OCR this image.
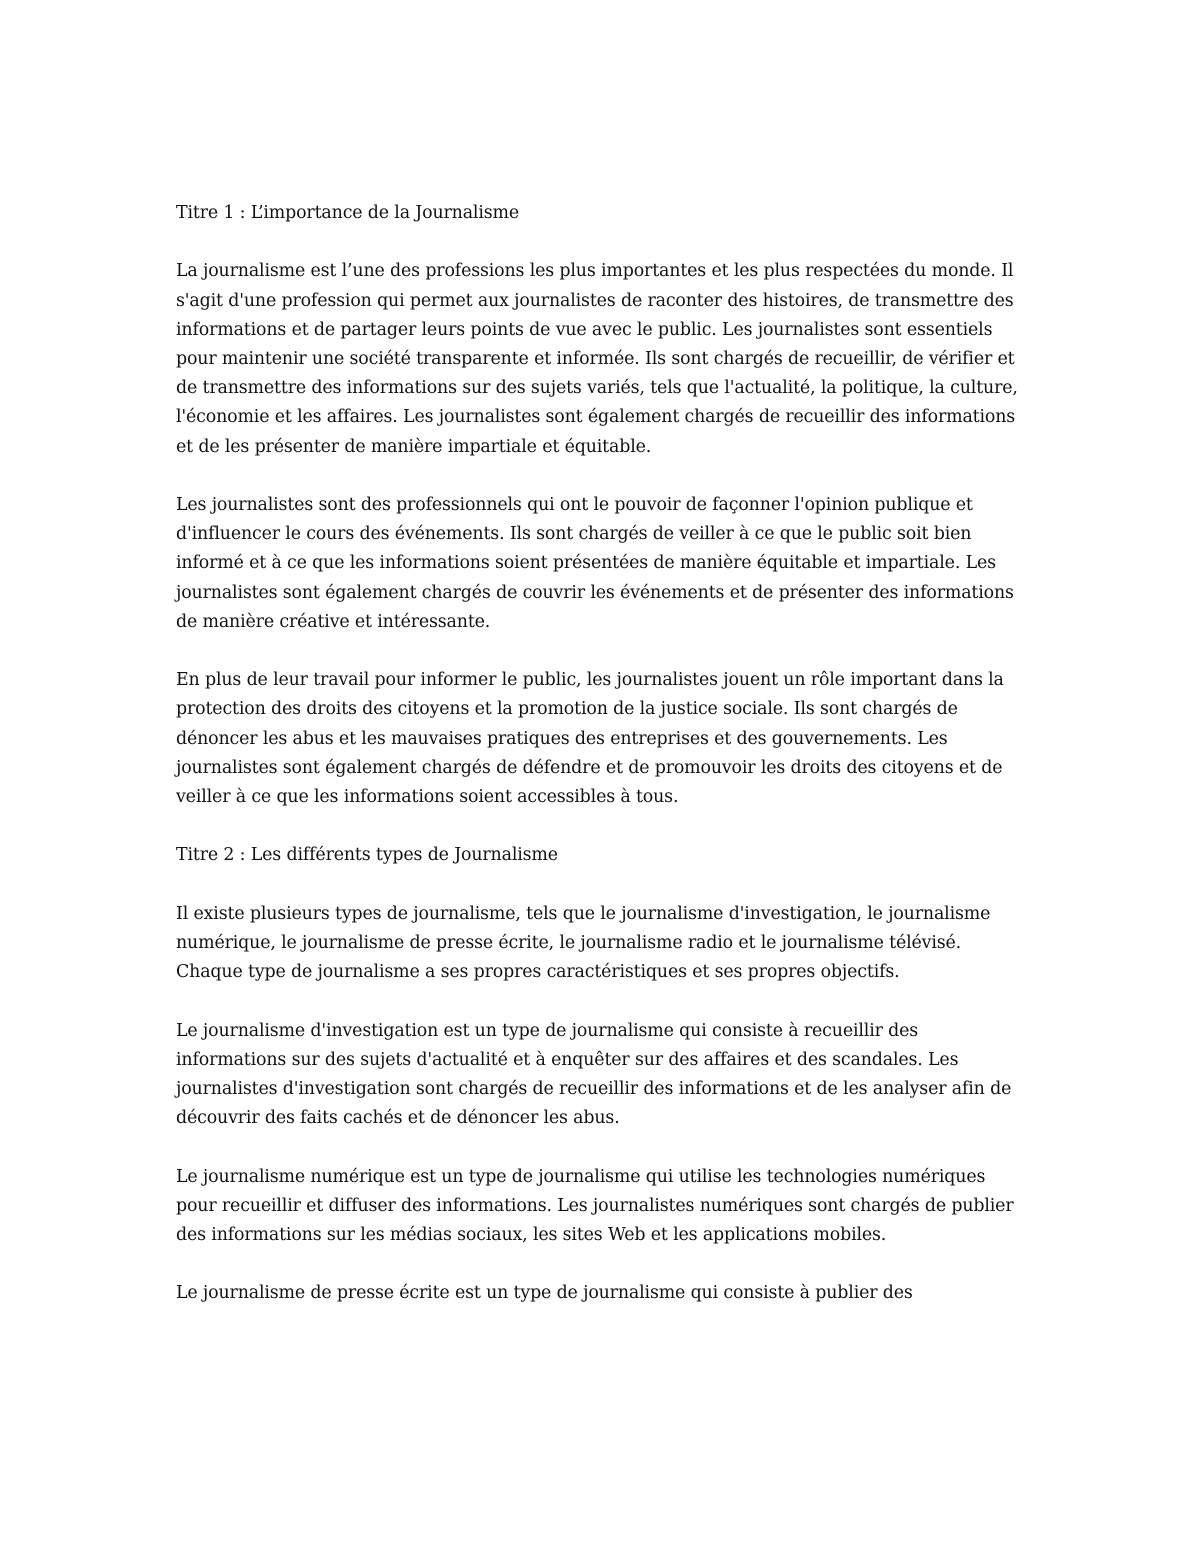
Titre 1 : L’importance de la Journalisme

La journalisme est l’une des professions les plus importantes et les plus respectées du monde. Il s'agit d'une profession qui permet aux journalistes de raconter des histoires, de transmettre des informations et de partager leurs points de vue avec le public. Les journalistes sont essentiels pour maintenir une société transparente et informée. Ils sont chargés de recueillir, de vérifier et de transmettre des informations sur des sujets variés, tels que l'actualité, la politique, la culture, l'économie et les affaires. Les journalistes sont également chargés de recueillir des informations et de les présenter de manière impartiale et équitable.

Les journalistes sont des professionnels qui ont le pouvoir de façonner l'opinion publique et d'influencer le cours des événements. Ils sont chargés de veiller à ce que le public soit bien informé et à ce que les informations soient présentées de manière équitable et impartiale. Les journalistes sont également chargés de couvrir les événements et de présenter des informations de manière créative et intéressante.

En plus de leur travail pour informer le public, les journalistes jouent un rôle important dans la protection des droits des citoyens et la promotion de la justice sociale. Ils sont chargés de dénoncer les abus et les mauvaises pratiques des entreprises et des gouvernements. Les journalistes sont également chargés de défendre et de promouvoir les droits des citoyens et de veiller à ce que les informations soient accessibles à tous.

Titre 2 : Les différents types de Journalisme

Il existe plusieurs types de journalisme, tels que le journalisme d'investigation, le journalisme numérique, le journalisme de presse écrite, le journalisme radio et le journalisme télévisé. Chaque type de journalisme a ses propres caractéristiques et ses propres objectifs.

Le journalisme d'investigation est un type de journalisme qui consiste à recueillir des informations sur des sujets d'actualité et à enquêter sur des affaires et des scandales. Les journalistes d'investigation sont chargés de recueillir des informations et de les analyser afin de découvrir des faits cachés et de dénoncer les abus.

Le journalisme numérique est un type de journalisme qui utilise les technologies numériques pour recueillir et diffuser des informations. Les journalistes numériques sont chargés de publier des informations sur les médias sociaux, les sites Web et les applications mobiles.

Le journalisme de presse écrite est un type de journalisme qui consiste à publier des
